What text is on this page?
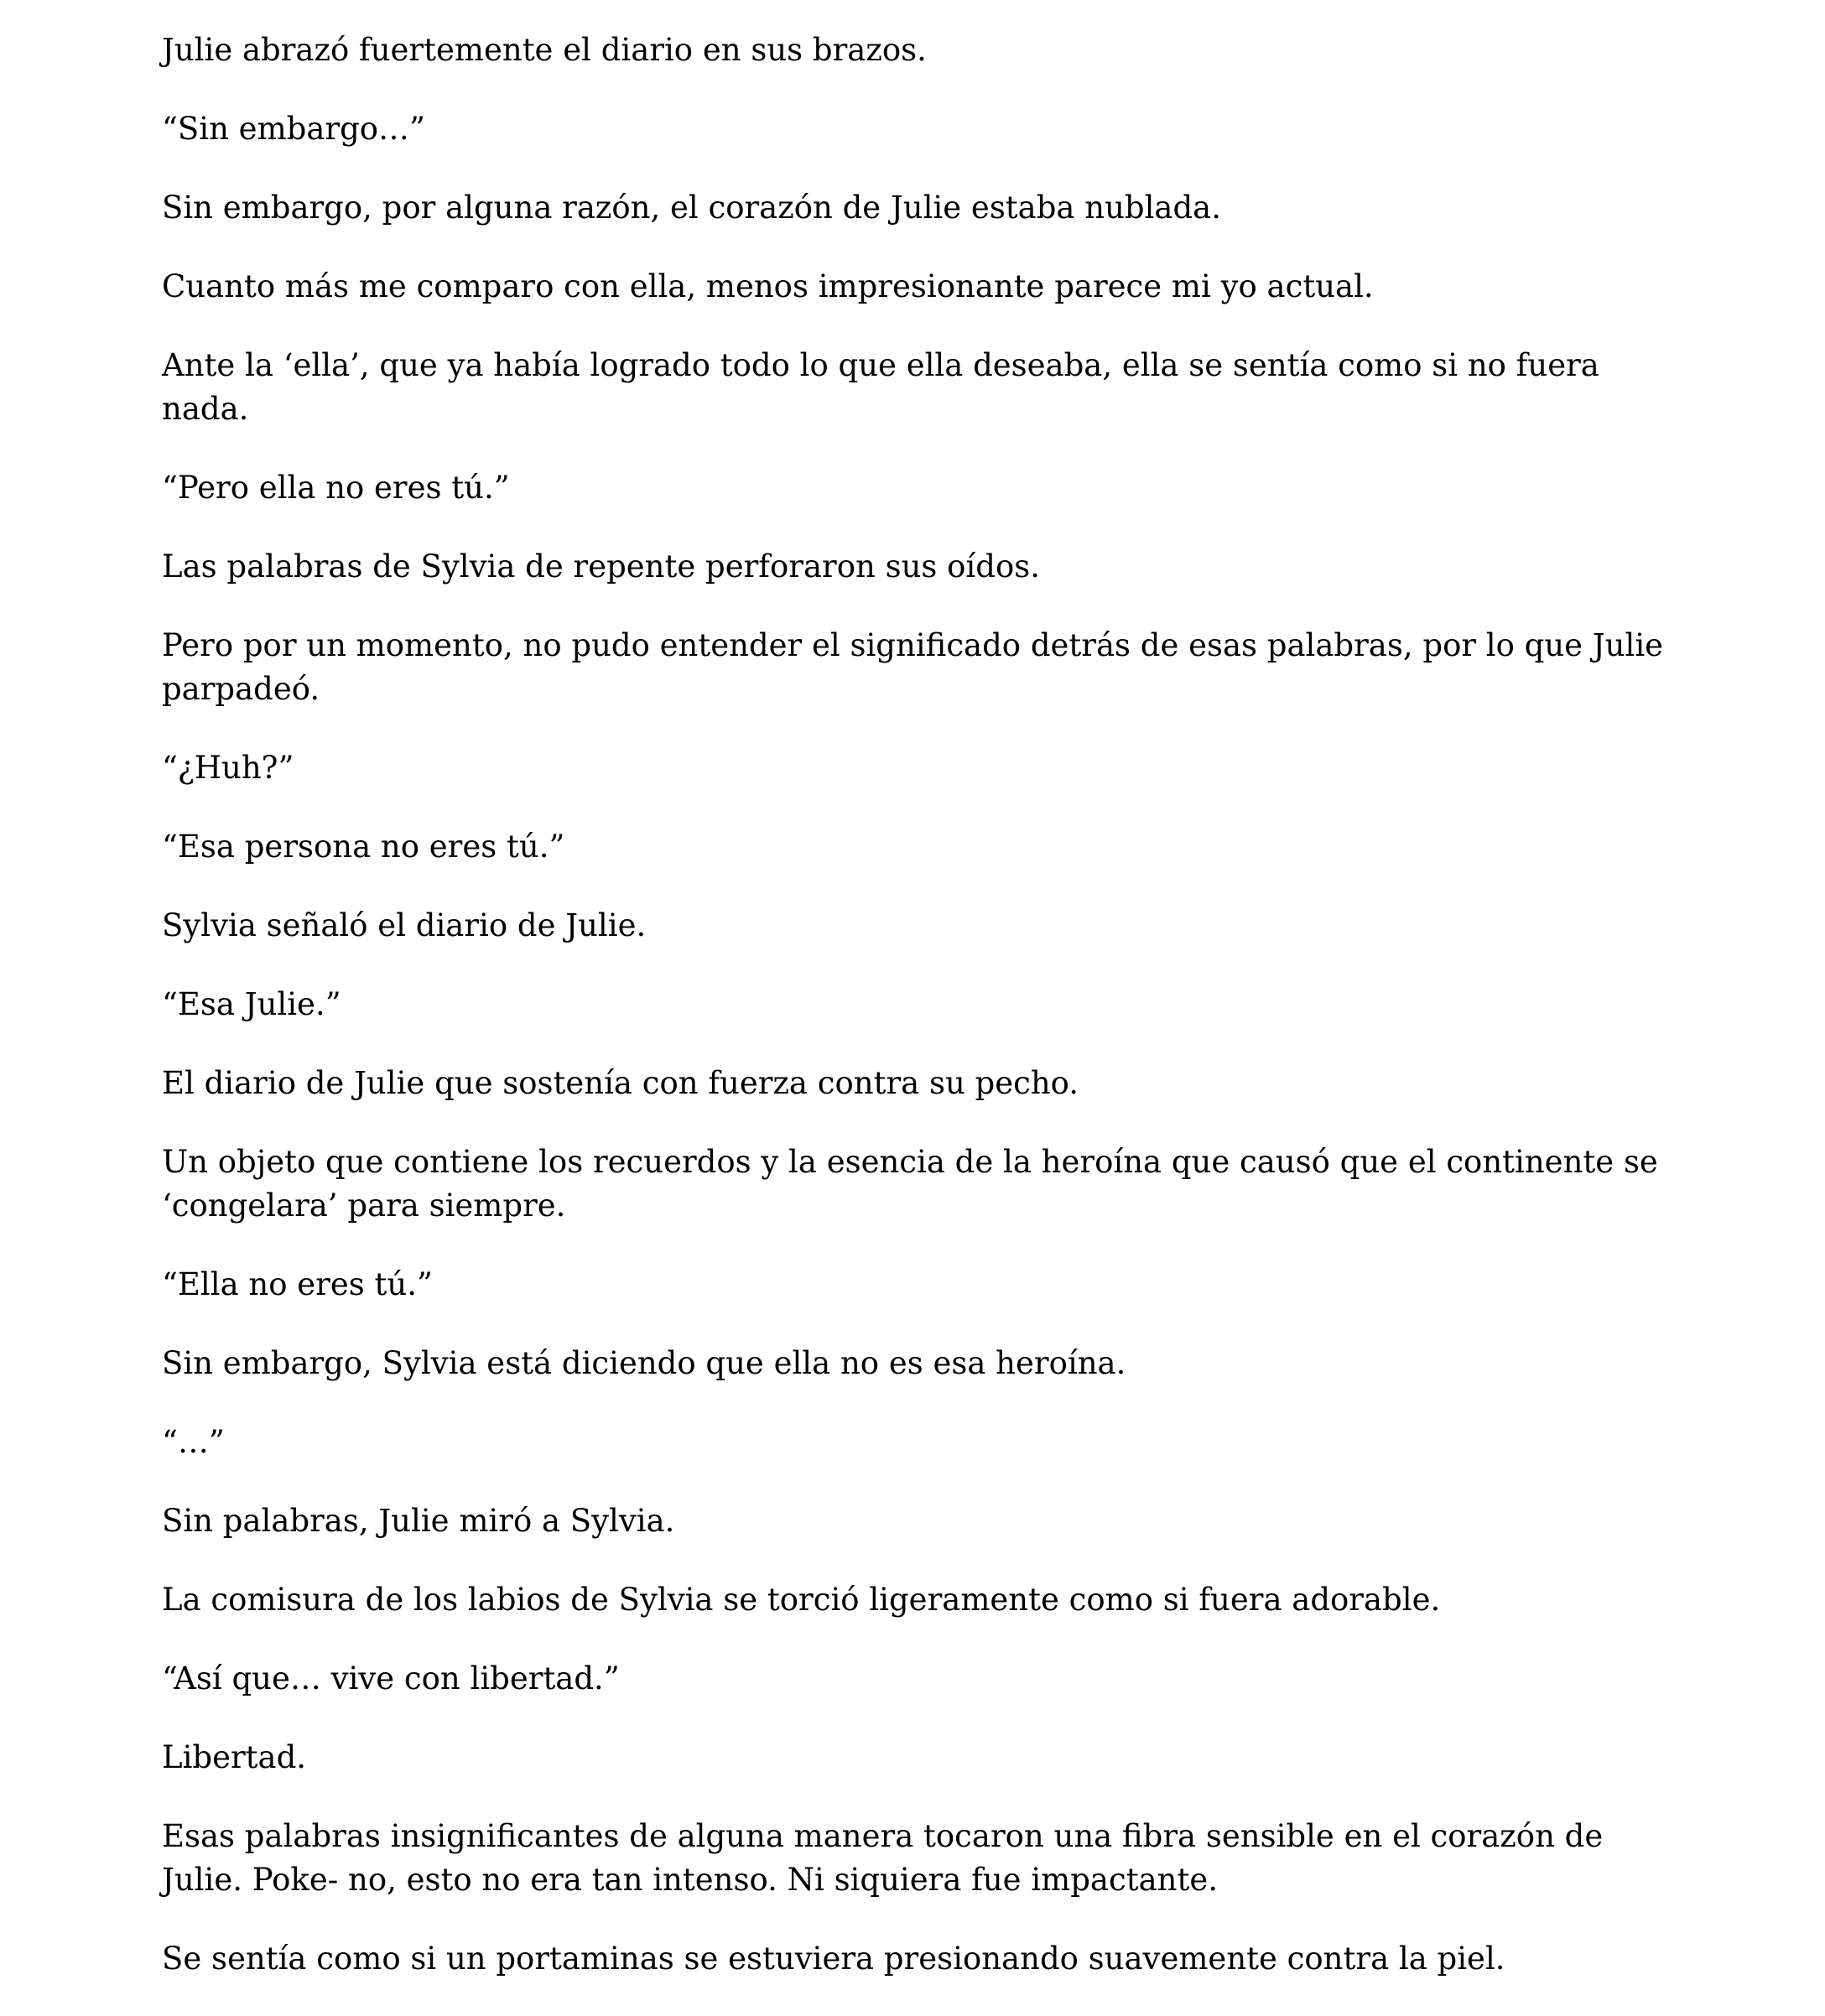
Julie abrazó fuertemente el diario en sus brazos.

“Sin embargo…”

Sin embargo, por alguna razón, el corazón de Julie estaba nublada.

Cuanto más me comparo con ella, menos impresionante parece mi yo actual.

Ante la ‘ella’, que ya había logrado todo lo que ella deseaba, ella se sentía como si no fuera nada.

“Pero ella no eres tú.”

Las palabras de Sylvia de repente perforaron sus oídos.

Pero por un momento, no pudo entender el significado detrás de esas palabras, por lo que Julie parpadeó.

“¿Huh?”

“Esa persona no eres tú.”

Sylvia señaló el diario de Julie.

“Esa Julie.”

El diario de Julie que sostenía con fuerza contra su pecho.

Un objeto que contiene los recuerdos y la esencia de la heroína que causó que el continente se ‘congelara’ para siempre.

“Ella no eres tú.”

Sin embargo, Sylvia está diciendo que ella no es esa heroína.

“…”

Sin palabras, Julie miró a Sylvia.

La comisura de los labios de Sylvia se torció ligeramente como si fuera adorable.

“Así que… vive con libertad.”

Libertad.

Esas palabras insignificantes de alguna manera tocaron una fibra sensible en el corazón de Julie. Poke- no, esto no era tan intenso. Ni siquiera fue impactante.

Se sentía como si un portaminas se estuviera presionando suavemente contra la piel.
